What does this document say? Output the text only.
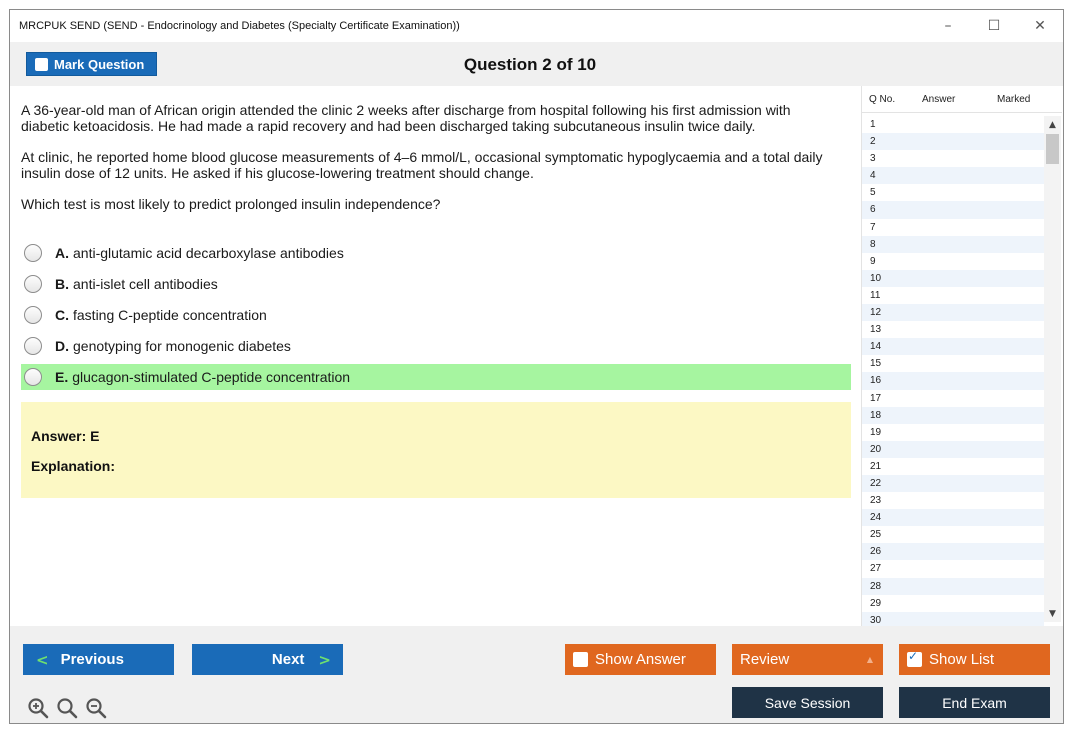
MRCPUK SEND (SEND - Endocrinology and Diabetes (Specialty Certificate Examination))	–	☐	✕
Mark Question	Question 2 of 10

A 36-year-old man of African origin attended the clinic 2 weeks after discharge from hospital following his first admission with diabetic ketoacidosis. He had made a rapid recovery and had been discharged taking subcutaneous insulin twice daily.

At clinic, he reported home blood glucose measurements of 4–6 mmol/L, occasional symptomatic hypoglycaemia and a total daily insulin dose of 12 units. He asked if his glucose-lowering treatment should change.

Which test is most likely to predict prolonged insulin independence?

A. anti-glutamic acid decarboxylase antibodies
B. anti-islet cell antibodies
C. fasting C-peptide concentration
D. genotyping for monogenic diabetes
E. glucagon-stimulated C-peptide concentration
Answer: E
Explanation:
Q No.	Answer	Marked
1
2
3
4
5
6
7
8
9
10
11
12
13
14
15
16
17
18
19
20
21
22
23
24
25
26
27
28
29
30
▲
▼
< Previous	Next >	Show Answer	Review	▲
✓	Show List
Save Session	End Exam
